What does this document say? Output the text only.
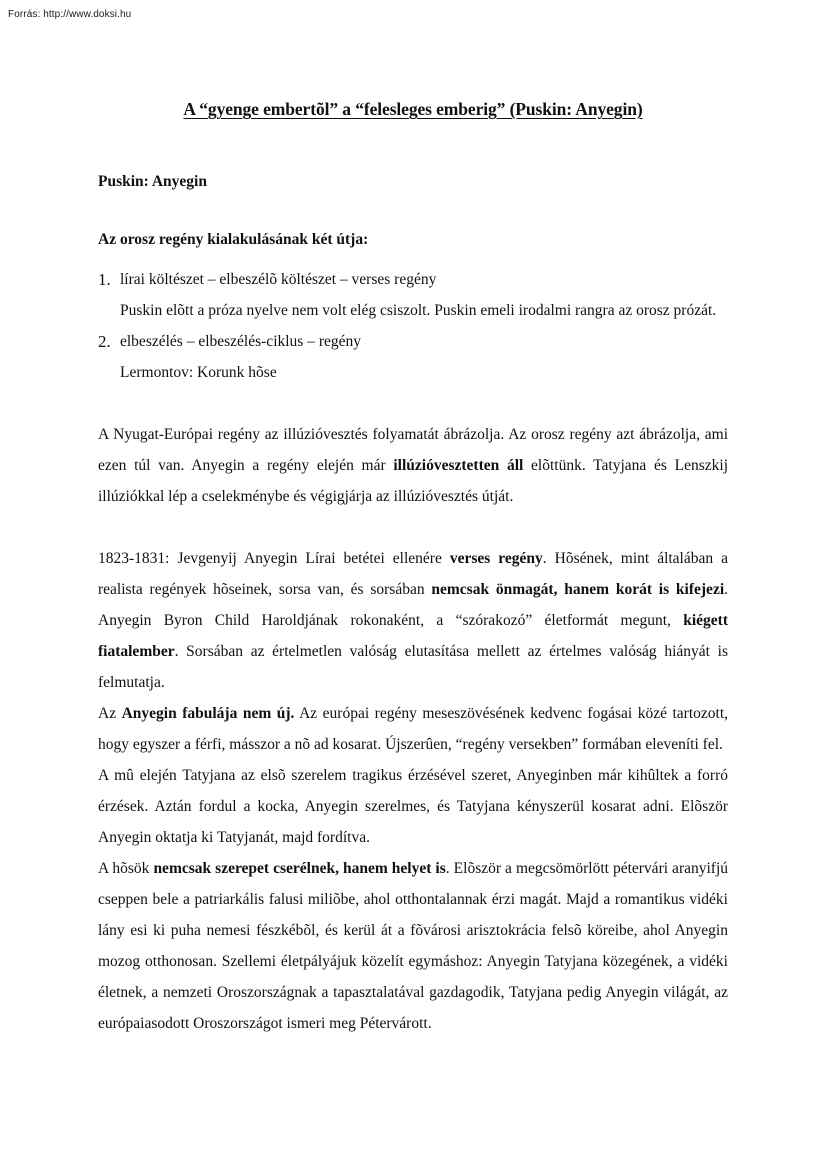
Forrás: http://www.doksi.hu
A “gyenge embertõl” a “felesleges emberig” (Puskin: Anyegin)

Puskin: Anyegin

Az orosz regény kialakulásának két útja:

1. lírai költészet – elbeszélõ költészet – verses regény
Puskin elõtt a próza nyelve nem volt elég csiszolt. Puskin emeli irodalmi rangra az orosz prózát.
2. elbeszélés – elbeszélés-ciklus – regény
Lermontov: Korunk hõse

A Nyugat-Európai regény az illúzióvesztés folyamatát ábrázolja. Az orosz regény azt ábrázolja, ami ezen túl van. Anyegin a regény elején már illúzióvesztetten áll elõttünk. Tatyjana és Lenszkij illúziókkal lép a cselekménybe és végigjárja az illúzióvesztés útját.

1823-1831: Jevgenyij Anyegin Lírai betétei ellenére verses regény. Hõsének, mint általában a realista regények hõseinek, sorsa van, és sorsában nemcsak önmagát, hanem korát is kifejezi. Anyegin Byron Child Haroldjának rokonaként, a “szórakozó” életformát megunt, kiégett fiatalember. Sorsában az értelmetlen valóság elutasítása mellett az értelmes valóság hiányát is felmutatja.

Az Anyegin fabulája nem új. Az európai regény meseszövésének kedvenc fogásai közé tartozott, hogy egyszer a férfi, másszor a nõ ad kosarat. Újszerûen, “regény versekben” formában eleveníti fel.

A mû elején Tatyjana az elsõ szerelem tragikus érzésével szeret, Anyeginben már kihûltek a forró érzések. Aztán fordul a kocka, Anyegin szerelmes, és Tatyjana kényszerül kosarat adni. Elõször Anyegin oktatja ki Tatyjanát, majd fordítva.

A hõsök nemcsak szerepet cserélnek, hanem helyet is. Elõször a megcsömörlött pétervári aranyifjú cseppen bele a patriarkális falusi miliõbe, ahol otthontalannak érzi magát. Majd a romantikus vidéki lány esi ki puha nemesi fészkébõl, és kerül át a fõvárosi arisztokrácia felsõ köreibe, ahol Anyegin mozog otthonosan. Szellemi életpályájuk közelít egymáshoz: Anyegin Tatyjana közegének, a vidéki életnek, a nemzeti Oroszországnak a tapasztalatával gazdagodik, Tatyjana pedig Anyegin világát, az európaiasodott Oroszországot ismeri meg Pétervárott.
